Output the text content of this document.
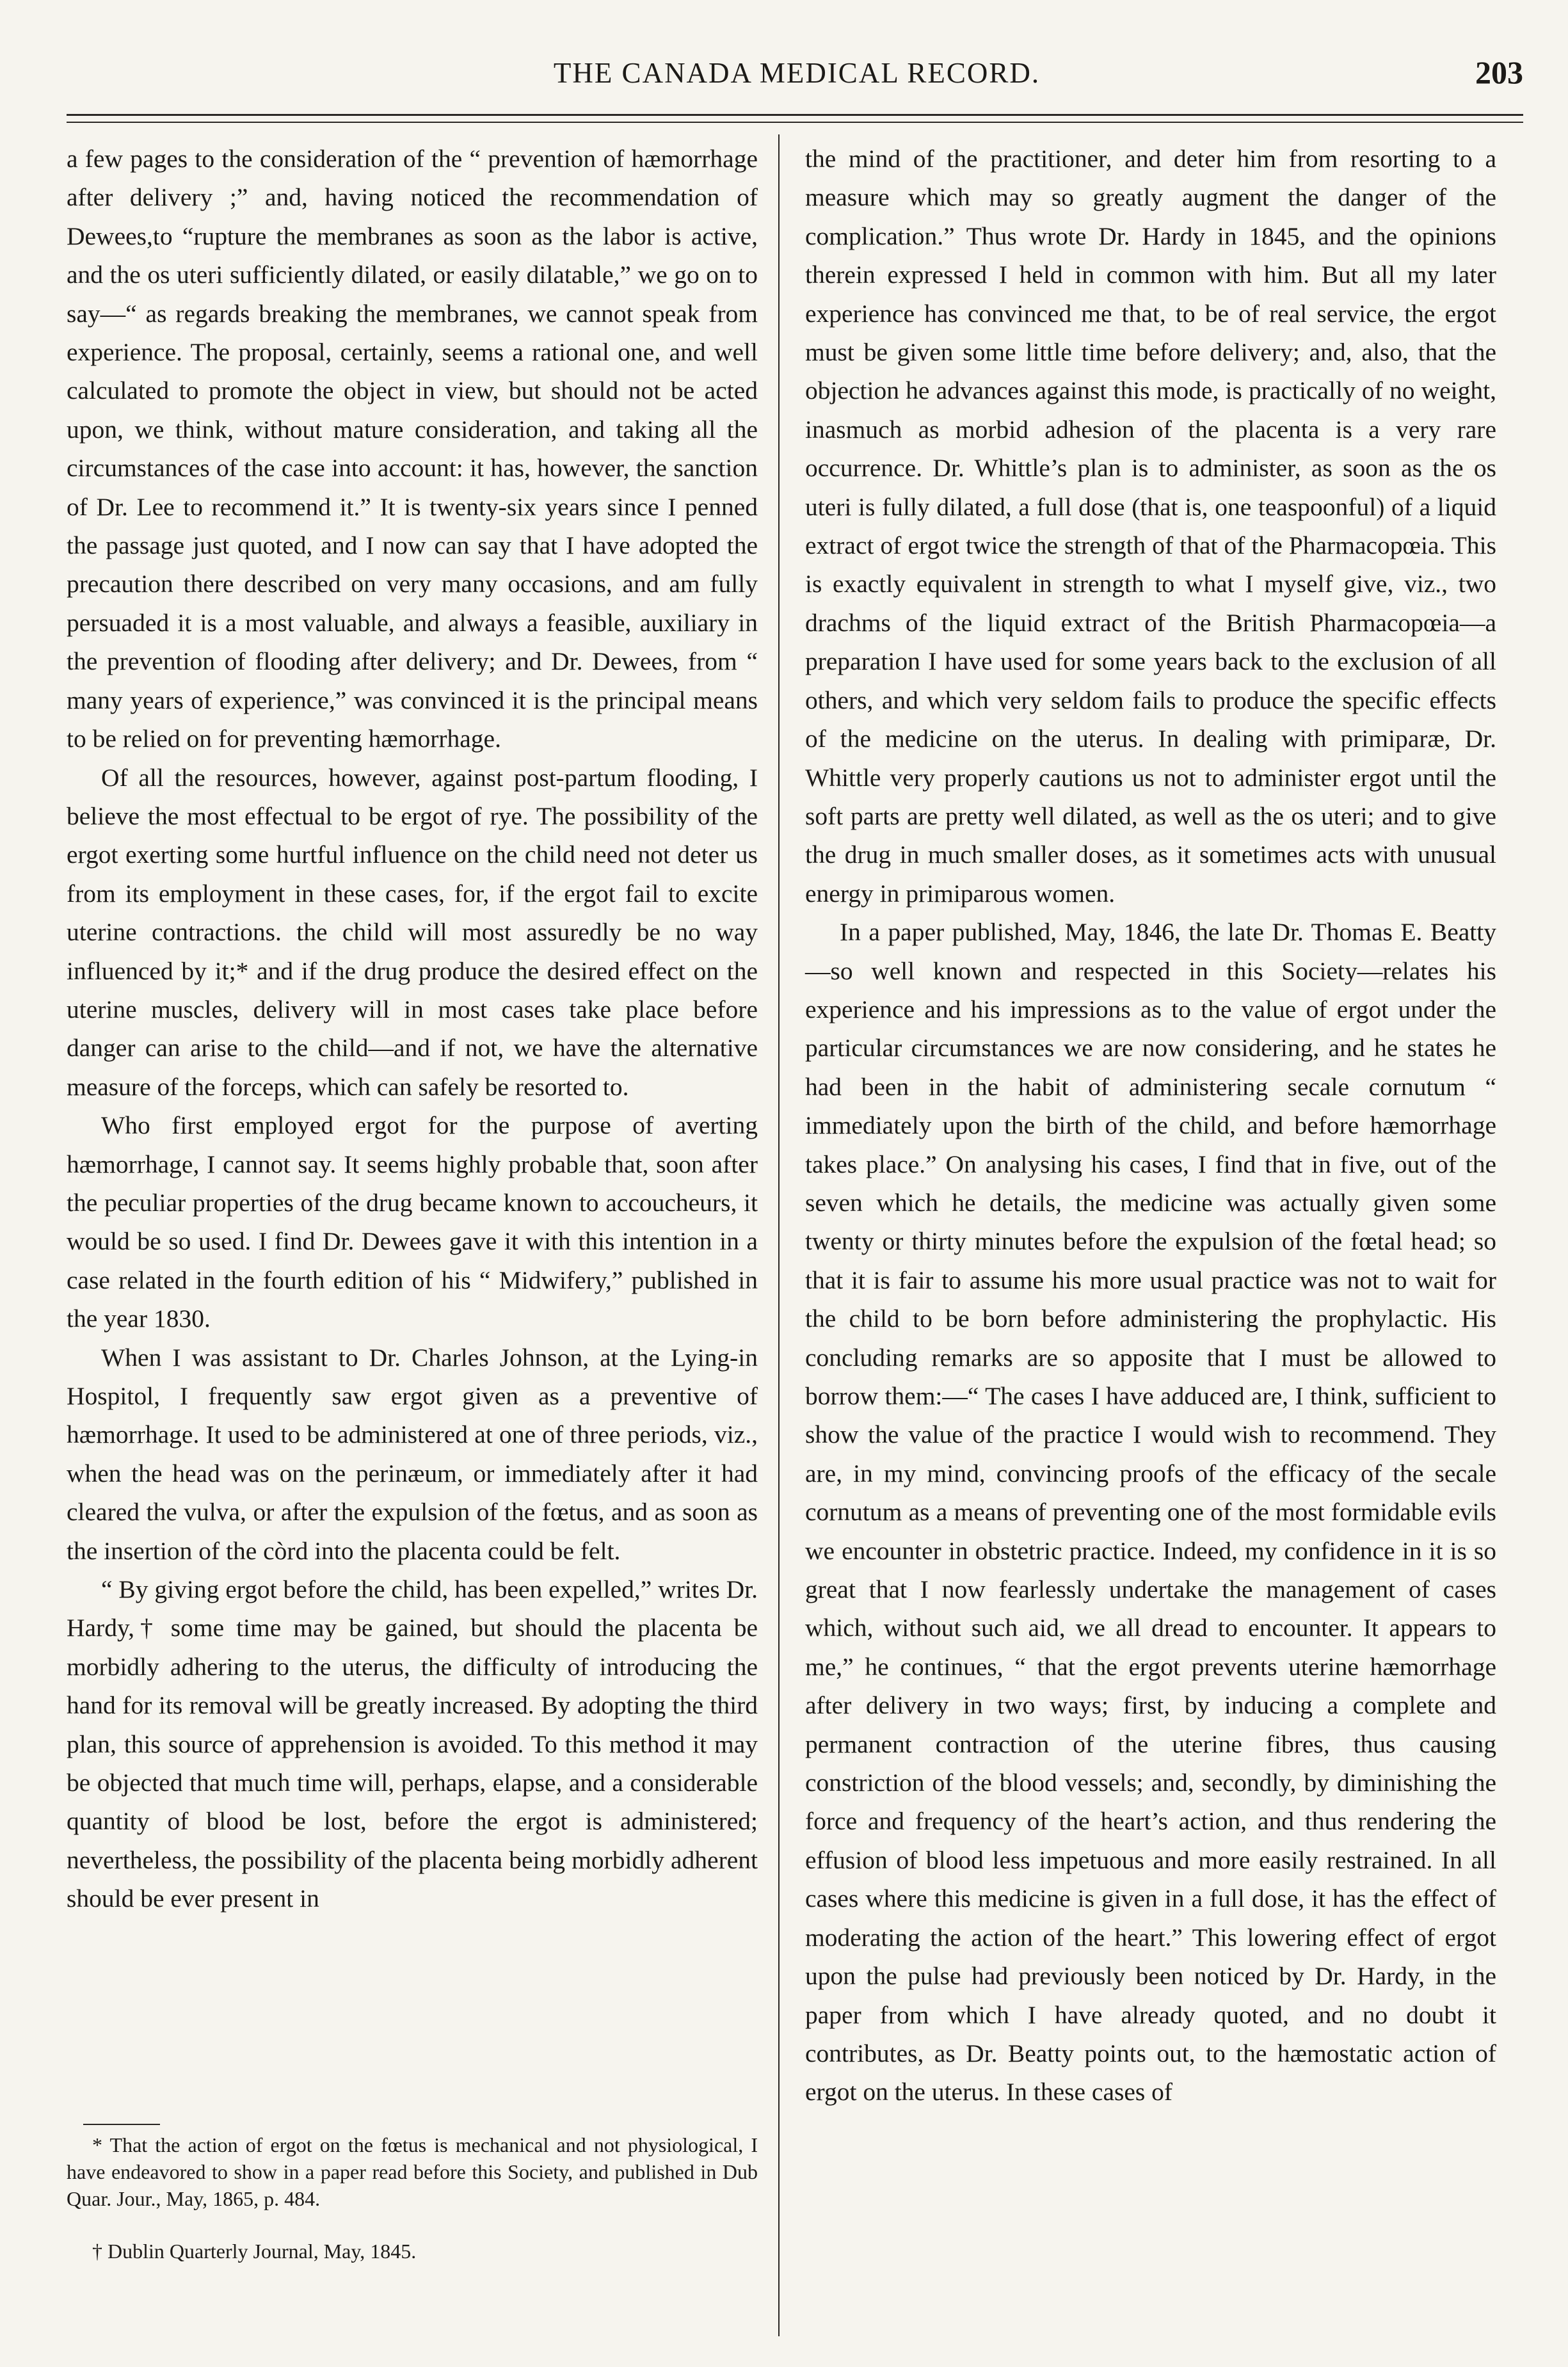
THE CANADA MEDICAL RECORD.	203

a few pages to the consideration of the “ prevention of hæmorrhage after delivery ;” and, having noticed the recommendation of Dewees,to “rupture the membranes as soon as the labor is active, and the os uteri sufficiently dilated, or easily dilatable,” we go on to say—“ as regards breaking the membranes, we cannot speak from experience. The proposal, certainly, seems a rational one, and well calculated to promote the object in view, but should not be acted upon, we think, without mature consideration, and taking all the circumstances of the case into account: it has, however, the sanction of Dr. Lee to recommend it.” It is twenty-six years since I penned the passage just quoted, and I now can say that I have adopted the precaution there described on very many occasions, and am fully persuaded it is a most valuable, and always a feasible, auxiliary in the prevention of flooding after delivery; and Dr. Dewees, from “ many years of experience,” was convinced it is the principal means to be relied on for preventing hæmorrhage.

Of all the resources, however, against post-partum flooding, I believe the most effectual to be ergot of rye. The possibility of the ergot exerting some hurtful influence on the child need not deter us from its employment in these cases, for, if the ergot fail to excite uterine contractions. the child will most assuredly be no way influenced by it;* and if the drug produce the desired effect on the uterine muscles, delivery will in most cases take place before danger can arise to the child—and if not, we have the alternative measure of the forceps, which can safely be resorted to.

Who first employed ergot for the purpose of averting hæmorrhage, I cannot say. It seems highly probable that, soon after the peculiar properties of the drug became known to accoucheurs, it would be so used. I find Dr. Dewees gave it with this intention in a case related in the fourth edition of his “ Midwifery,” published in the year 1830.

When I was assistant to Dr. Charles Johnson, at the Lying-in Hospitol, I frequently saw ergot given as a preventive of hæmorrhage. It used to be administered at one of three periods, viz., when the head was on the perinæum, or immediately after it had cleared the vulva, or after the expulsion of the fœtus, and as soon as the insertion of the còrd into the placenta could be felt.

“ By giving ergot before the child, has been expelled,” writes Dr. Hardy,† some time may be gained, but should the placenta be morbidly adhering to the uterus, the difficulty of introducing the hand for its removal will be greatly increased. By adopting the third plan, this source of apprehension is avoided. To this method it may be objected that much time will, perhaps, elapse, and a considerable quantity of blood be lost, before the ergot is administered; nevertheless, the possibility of the placenta being morbidly adherent should be ever present in

* That the action of ergot on the fœtus is mechanical and not physiological, I have endeavored to show in a paper read before this Society, and published in Dub Quar. Jour., May, 1865, p. 484.

† Dublin Quarterly Journal, May, 1845.

the mind of the practitioner, and deter him from resorting to a measure which may so greatly augment the danger of the complication.” Thus wrote Dr. Hardy in 1845, and the opinions therein expressed I held in common with him. But all my later experience has convinced me that, to be of real service, the ergot must be given some little time before delivery; and, also, that the objection he advances against this mode, is practically of no weight, inasmuch as morbid adhesion of the placenta is a very rare occurrence. Dr. Whittle’s plan is to administer, as soon as the os uteri is fully dilated, a full dose (that is, one teaspoonful) of a liquid extract of ergot twice the strength of that of the Pharmacopœia. This is exactly equivalent in strength to what I myself give, viz., two drachms of the liquid extract of the British Pharmacopœia—a preparation I have used for some years back to the exclusion of all others, and which very seldom fails to produce the specific effects of the medicine on the uterus. In dealing with primiparæ, Dr. Whittle very properly cautions us not to administer ergot until the soft parts are pretty well dilated, as well as the os uteri; and to give the drug in much smaller doses, as it sometimes acts with unusual energy in primiparous women.

In a paper published, May, 1846, the late Dr. Thomas E. Beatty—so well known and respected in this Society—relates his experience and his impressions as to the value of ergot under the particular circumstances we are now considering, and he states he had been in the habit of administering secale cornutum “ immediately upon the birth of the child, and before hæmorrhage takes place.” On analysing his cases, I find that in five, out of the seven which he details, the medicine was actually given some twenty or thirty minutes before the expulsion of the fœtal head; so that it is fair to assume his more usual practice was not to wait for the child to be born before administering the prophylactic. His concluding remarks are so apposite that I must be allowed to borrow them:—“ The cases I have adduced are, I think, sufficient to show the value of the practice I would wish to recommend. They are, in my mind, convincing proofs of the efficacy of the secale cornutum as a means of preventing one of the most formidable evils we encounter in obstetric practice. Indeed, my confidence in it is so great that I now fearlessly undertake the management of cases which, without such aid, we all dread to encounter. It appears to me,” he continues, “ that the ergot prevents uterine hæmorrhage after delivery in two ways; first, by inducing a complete and permanent contraction of the uterine fibres, thus causing constriction of the blood vessels; and, secondly, by diminishing the force and frequency of the heart’s action, and thus rendering the effusion of blood less impetuous and more easily restrained. In all cases where this medicine is given in a full dose, it has the effect of moderating the action of the heart.” This lowering effect of ergot upon the pulse had previously been noticed by Dr. Hardy, in the paper from which I have already quoted, and no doubt it contributes, as Dr. Beatty points out, to the hæmostatic action of ergot on the uterus. In these cases of
